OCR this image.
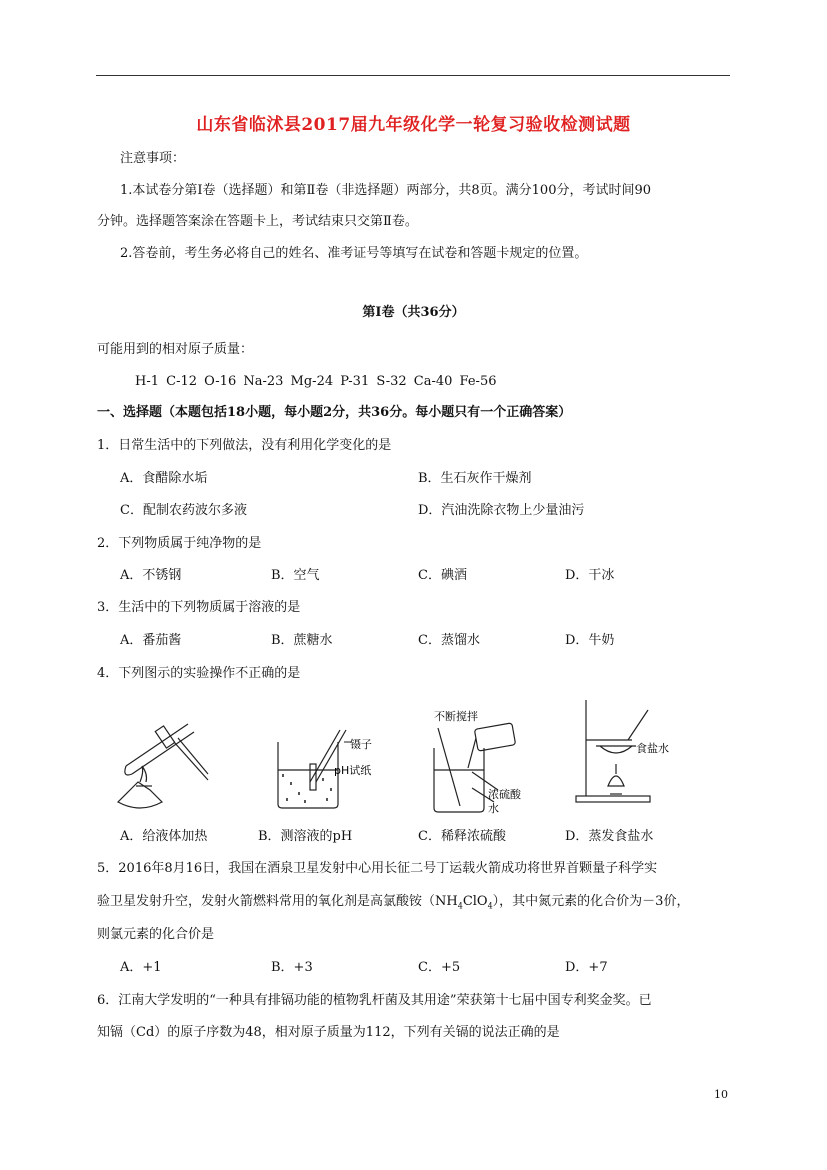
山东省临沭县2017届九年级化学一轮复习验收检测试题
注意事项：
1.本试卷分第Ⅰ卷（选择题）和第Ⅱ卷（非选择题）两部分，共8页。满分100分，考试时间90
分钟。选择题答案涂在答题卡上，考试结束只交第Ⅱ卷。
2.答卷前，考生务必将自己的姓名、准考证号等填写在试卷和答题卡规定的位置。
第Ⅰ卷（共36分）
可能用到的相对原子质量：
H-1 C-12 O-16 Na-23 Mg-24 P-31 S-32 Ca-40 Fe-56
一、选择题（本题包括18小题，每小题2分，共36分。每小题只有一个正确答案）
1．日常生活中的下列做法，没有利用化学变化的是
A．食醋除水垢	B．生石灰作干燥剂
C．配制农药波尔多液	D．汽油洗除衣物上少量油污
2．下列物质属于纯净物的是
A．不锈钢	B．空气	C．碘酒	D．干冰
3．生活中的下列物质属于溶液的是
A．番茄酱	B．蔗糖水	C．蒸馏水	D．牛奶
4．下列图示的实验操作不正确的是
镊子
pH试纸
不断搅拌
浓硫酸
水
食盐水
A．给液体加热	B．测溶液的pH	C．稀释浓硫酸	D．蒸发食盐水
5．2016年8月16日，我国在酒泉卫星发射中心用长征二号丁运载火箭成功将世界首颗量子科学实
验卫星发射升空，发射火箭燃料常用的氧化剂是高氯酸铵$(NH_4ClO_4)$，其中氮元素的化合价为－3价，
则氯元素的化合价是
A．+1	B．+3	C．+5	D．+7
6．江南大学发明的“一种具有排镉功能的植物乳杆菌及其用途”荣获第十七届中国专利奖金奖。已
知镉（Cd）的原子序数为48，相对原子质量为112，下列有关镉的说法正确的是
10
